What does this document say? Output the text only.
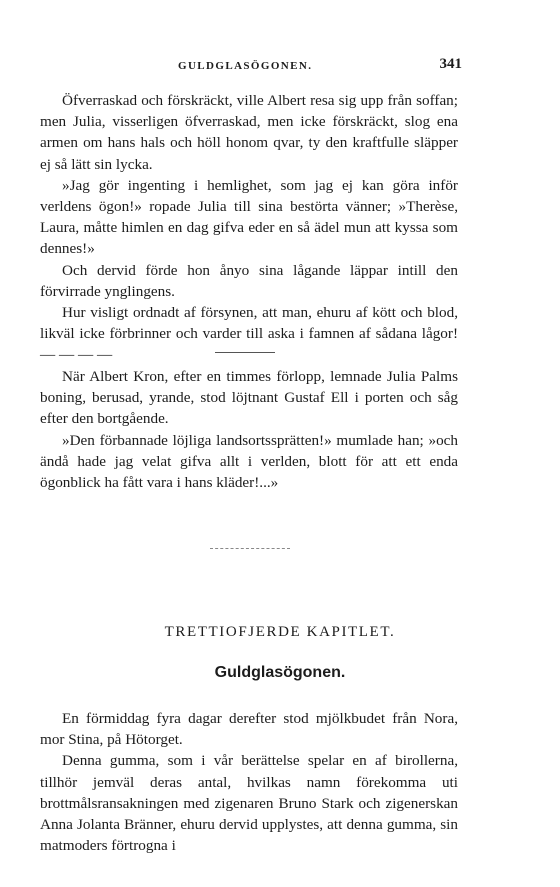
GULDGLASÖGONEN.	341

Öfverraskad och förskräckt, ville Albert resa sig upp från soffan; men Julia, visserligen öfverraskad, men icke förskräckt, slog ena armen om hans hals och höll honom qvar, ty den kraftfulle släpper ej så lätt sin lycka.

»Jag gör ingenting i hemlighet, som jag ej kan göra inför verldens ögon!» ropade Julia till sina bestörta vänner; »Therèse, Laura, måtte himlen en dag gifva eder en så ädel mun att kyssa som dennes!»

Och dervid förde hon ånyo sina lågande läppar intill den förvirrade ynglingens.

Hur visligt ordnadt af försynen, att man, ehuru af kött och blod, likväl icke förbrinner och varder till aska i famnen af sådana lågor! — — — —

När Albert Kron, efter en timmes förlopp, lemnade Julia Palms boning, berusad, yrande, stod löjtnant Gustaf Ell i porten och såg efter den bortgående.

»Den förbannade löjliga landsortssprätten!» mumlade han; »och ändå hade jag velat gifva allt i verlden, blott för att ett enda ögonblick ha fått vara i hans kläder!...»

TRETTIOFJERDE KAPITLET.
Guldglasögonen.

En förmiddag fyra dagar derefter stod mjölkbudet från Nora, mor Stina, på Hötorget.

Denna gumma, som i vår berättelse spelar en af birollerna, tillhör jemväl deras antal, hvilkas namn förekomma uti brottmålsransakningen med zigenaren Bruno Stark och zigenerskan Anna Jolanta Bränner, ehuru dervid upplystes, att denna gumma, sin matmoders förtrogna i
